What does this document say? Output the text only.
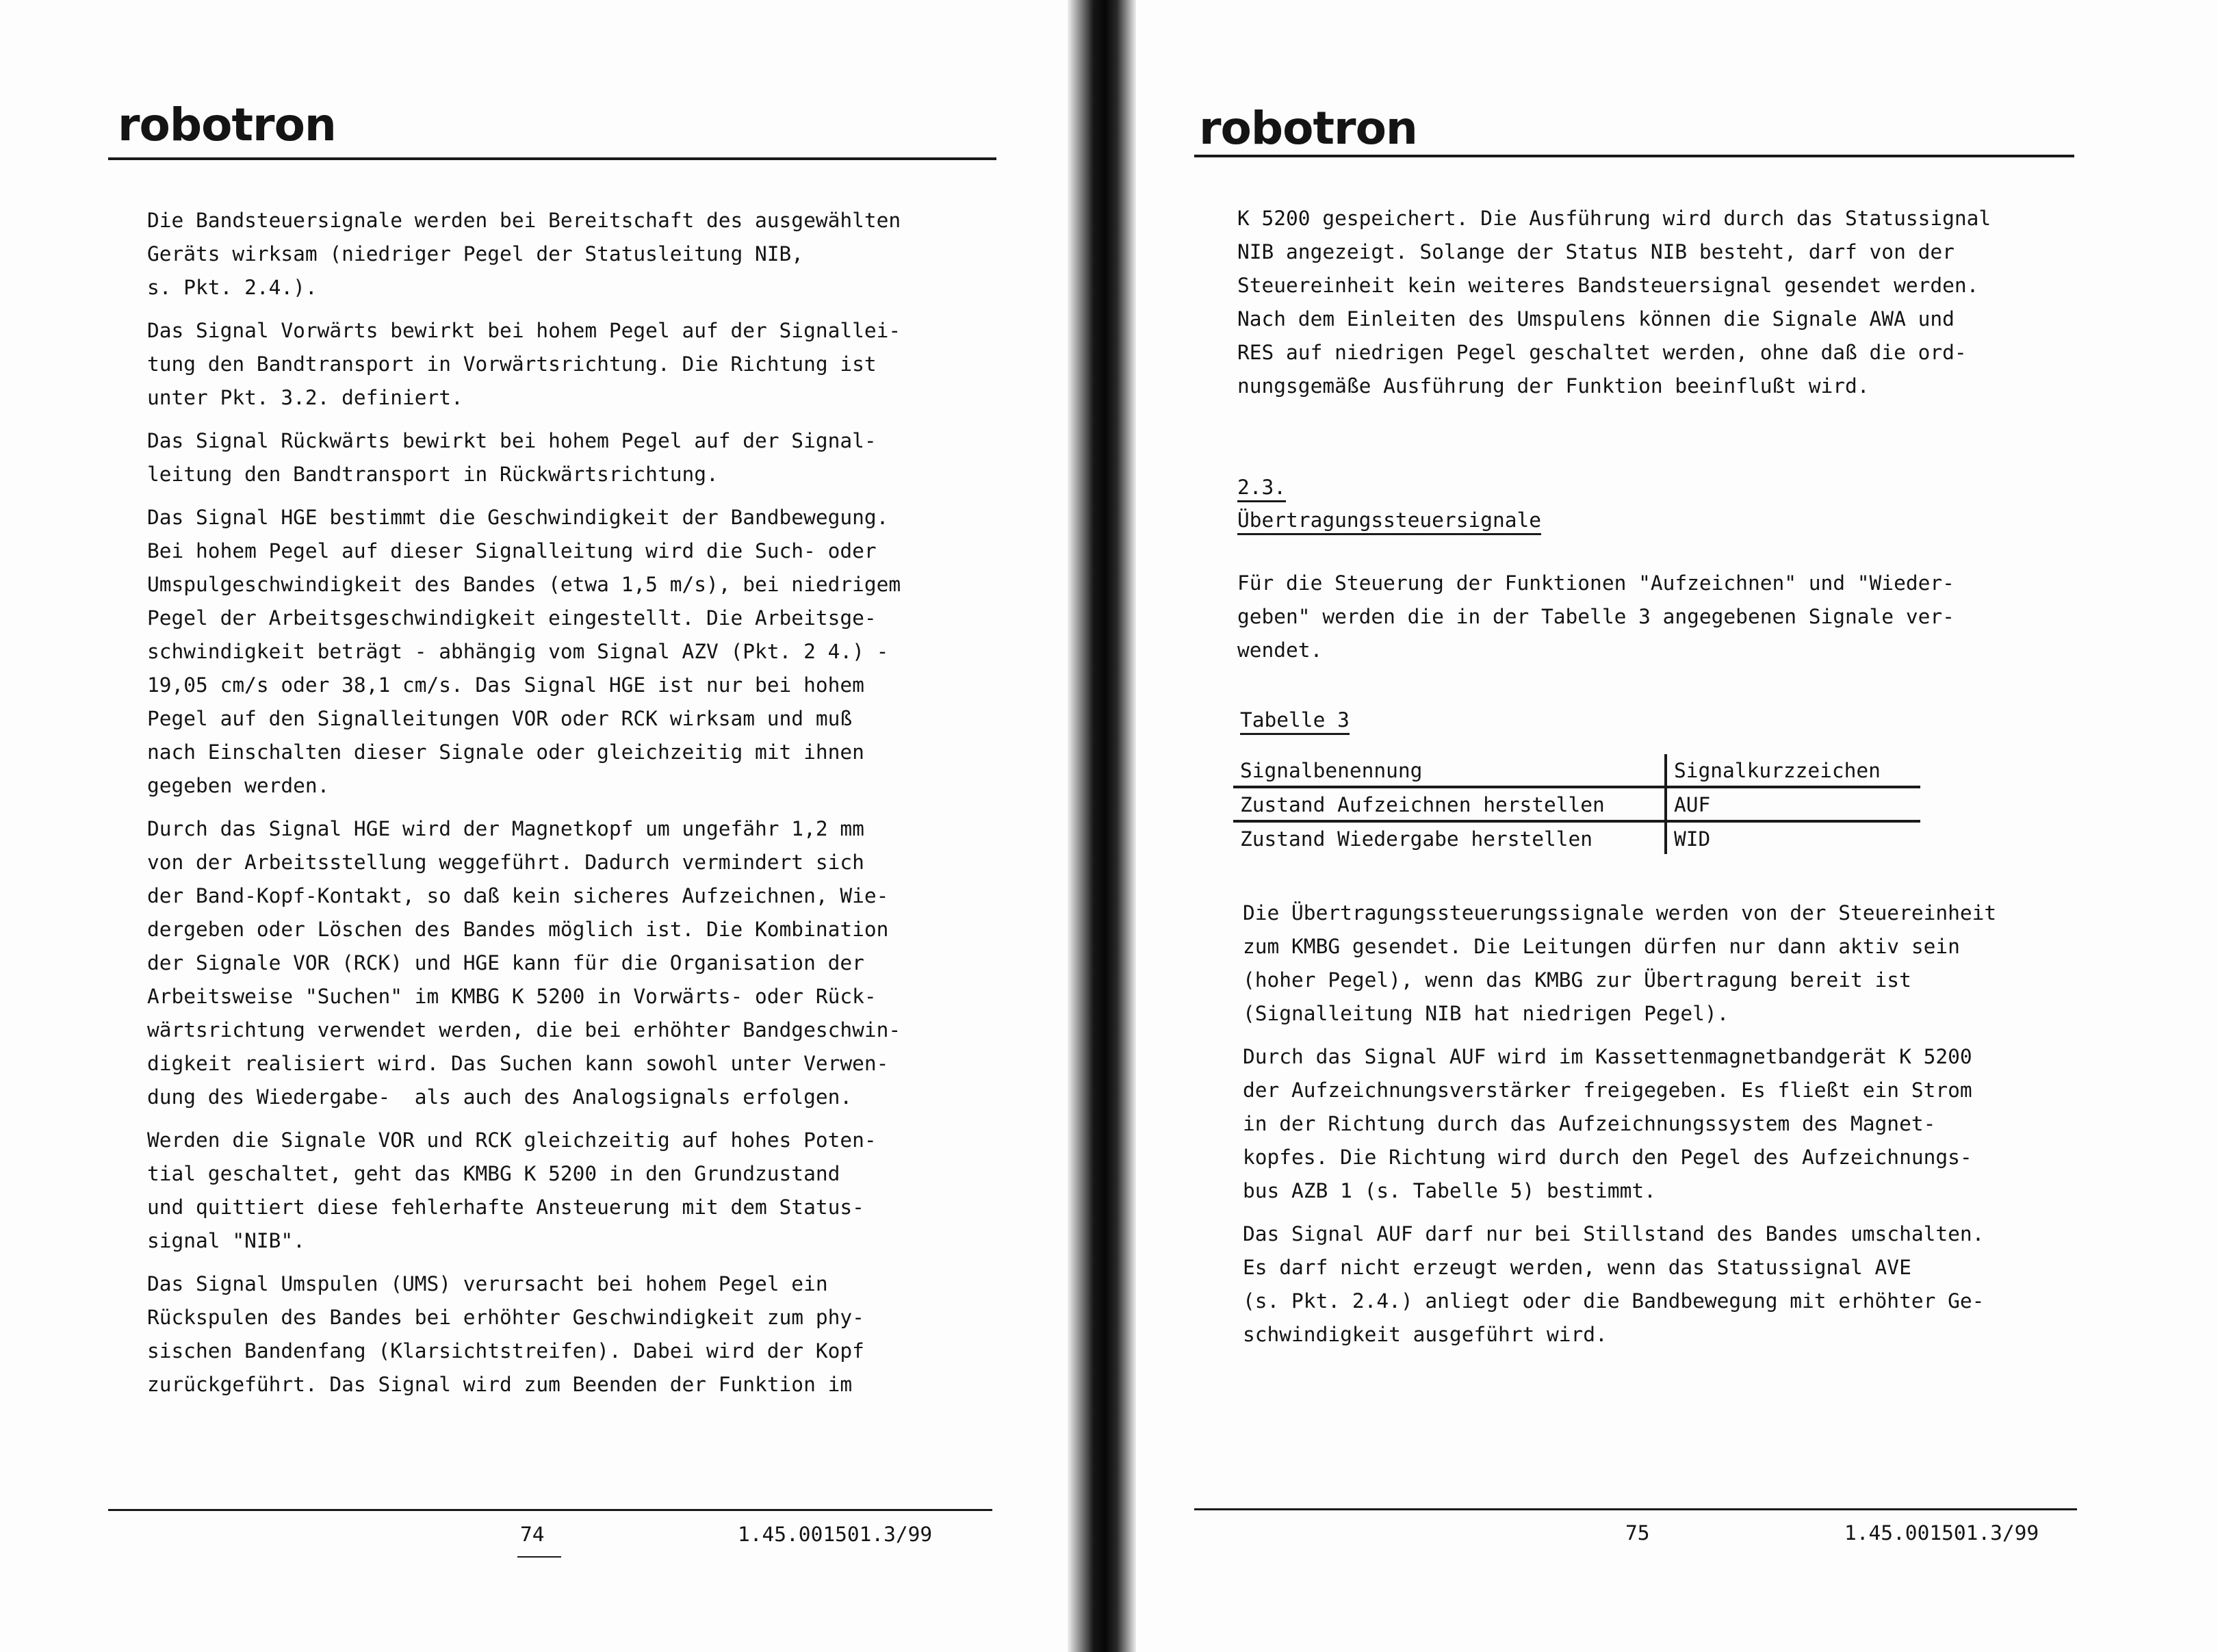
robotron

Die Bandsteuersignale werden bei Bereitschaft des ausgewählten
Geräts wirksam (niedriger Pegel der Statusleitung NIB,
s. Pkt. 2.4.).

Das Signal Vorwärts bewirkt bei hohem Pegel auf der Signallei-
tung den Bandtransport in Vorwärtsrichtung. Die Richtung ist
unter Pkt. 3.2. definiert.

Das Signal Rückwärts bewirkt bei hohem Pegel auf der Signal-
leitung den Bandtransport in Rückwärtsrichtung.

Das Signal HGE bestimmt die Geschwindigkeit der Bandbewegung.
Bei hohem Pegel auf dieser Signalleitung wird die Such- oder
Umspulgeschwindigkeit des Bandes (etwa 1,5 m/s), bei niedrigem
Pegel der Arbeitsgeschwindigkeit eingestellt. Die Arbeitsge-
schwindigkeit beträgt - abhängig vom Signal AZV (Pkt. 2 4.) -
19,05 cm/s oder 38,1 cm/s. Das Signal HGE ist nur bei hohem
Pegel auf den Signalleitungen VOR oder RCK wirksam und muß
nach Einschalten dieser Signale oder gleichzeitig mit ihnen
gegeben werden.

Durch das Signal HGE wird der Magnetkopf um ungefähr 1,2 mm
von der Arbeitsstellung weggeführt. Dadurch vermindert sich
der Band-Kopf-Kontakt, so daß kein sicheres Aufzeichnen, Wie-
dergeben oder Löschen des Bandes möglich ist. Die Kombination
der Signale VOR (RCK) und HGE kann für die Organisation der
Arbeitsweise "Suchen" im KMBG K 5200 in Vorwärts- oder Rück-
wärtsrichtung verwendet werden, die bei erhöhter Bandgeschwin-
digkeit realisiert wird. Das Suchen kann sowohl unter Verwen-
dung des Wiedergabe-  als auch des Analogsignals erfolgen.

Werden die Signale VOR und RCK gleichzeitig auf hohes Poten-
tial geschaltet, geht das KMBG K 5200 in den Grundzustand
und quittiert diese fehlerhafte Ansteuerung mit dem Status-
signal "NIB".

Das Signal Umspulen (UMS) verursacht bei hohem Pegel ein
Rückspulen des Bandes bei erhöhter Geschwindigkeit zum phy-
sischen Bandenfang (Klarsichtstreifen). Dabei wird der Kopf
zurückgeführt. Das Signal wird zum Beenden der Funktion im

74	1.45.001501.3/99
robotron

K 5200 gespeichert. Die Ausführung wird durch das Statussignal
NIB angezeigt. Solange der Status NIB besteht, darf von der
Steuereinheit kein weiteres Bandsteuersignal gesendet werden.
Nach dem Einleiten des Umspulens können die Signale AWA und
RES auf niedrigen Pegel geschaltet werden, ohne daß die ord-
nungsgemäße Ausführung der Funktion beeinflußt wird.

2.3.
Übertragungssteuersignale

Für die Steuerung der Funktionen "Aufzeichnen" und "Wieder-
geben" werden die in der Tabelle 3 angegebenen Signale ver-
wendet.

Tabelle 3
Signalbenennung	Signalkurzzeichen
Zustand Aufzeichnen herstellen	AUF
Zustand Wiedergabe herstellen	WID

Die Übertragungssteuerungssignale werden von der Steuereinheit
zum KMBG gesendet. Die Leitungen dürfen nur dann aktiv sein
(hoher Pegel), wenn das KMBG zur Übertragung bereit ist
(Signalleitung NIB hat niedrigen Pegel).

Durch das Signal AUF wird im Kassettenmagnetbandgerät K 5200
der Aufzeichnungsverstärker freigegeben. Es fließt ein Strom
in der Richtung durch das Aufzeichnungssystem des Magnet-
kopfes. Die Richtung wird durch den Pegel des Aufzeichnungs-
bus AZB 1 (s. Tabelle 5) bestimmt.

Das Signal AUF darf nur bei Stillstand des Bandes umschalten.
Es darf nicht erzeugt werden, wenn das Statussignal AVE
(s. Pkt. 2.4.) anliegt oder die Bandbewegung mit erhöhter Ge-
schwindigkeit ausgeführt wird.

75	1.45.001501.3/99
